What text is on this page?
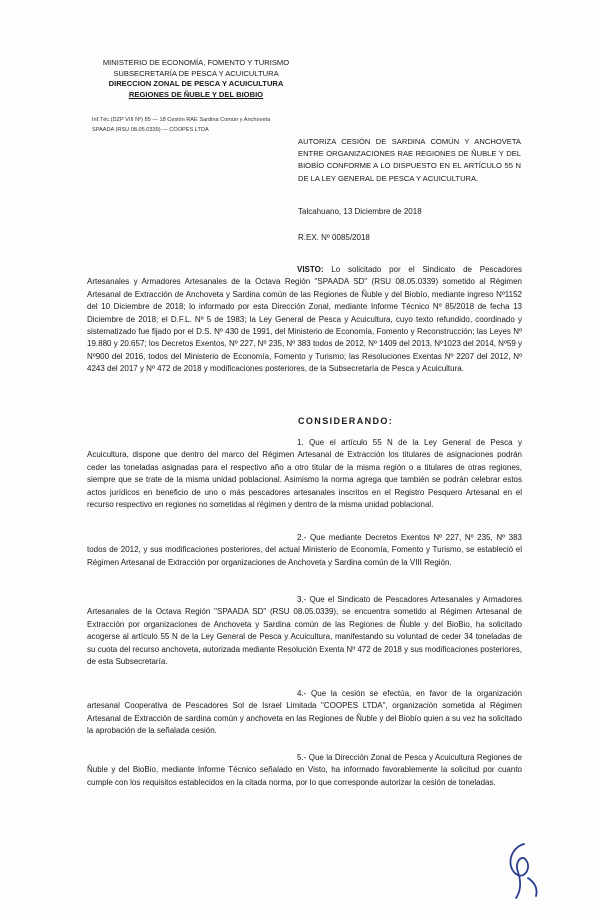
MINISTERIO DE ECONOMÍA, FOMENTO Y TURISMO
SUBSECRETARÍA DE PESCA Y ACUICULTURA
DIRECCION ZONAL DE PESCA Y ACUICULTURA
REGIONES DE ÑUBLE Y DEL BIOBIO
Inf.Téc.(DZP VIII Nº) 85 — 18 Cesión RAE Sardina Común y Anchoveta
SPAADA (RSU 08.05.0339) — COOPES LTDA
AUTORIZA CESIÓN DE SARDINA COMÚN Y ANCHOVETA ENTRE ORGANIZACIONES RAE REGIONES DE ÑUBLE Y DEL BIOBÍO CONFORME A LO DISPUESTO EN EL ARTÍCULO 55 N DE LA LEY GENERAL DE PESCA Y ACUICULTURA.
Talcahuano, 13 Diciembre de 2018
R.EX. Nº 0085/2018
VISTO: Lo solicitado por el Sindicato de Pescadores Artesanales y Armadores Artesanales de la Octava Región "SPAADA SD" (RSU 08.05.0339) sometido al Régimen Artesanal de Extracción de Anchoveta y Sardina común de las Regiones de Ñuble y del Biobío, mediante ingreso Nº1152 del 10 Diciembre de 2018; lo informado por esta Dirección Zonal, mediante Informe Técnico Nº 85/2018 de fecha 13 Diciembre de 2018; el D.F.L. Nº 5 de 1983; la Ley General de Pesca y Acuicultura, cuyo texto refundido, coordinado y sistematizado fue fijado por el D.S. Nº 430 de 1991, del Ministerio de Economía, Fomento y Reconstrucción; las Leyes Nº 19.880 y 20.657; los Decretos Exentos, Nº 227, Nº 235, Nº 383 todos de 2012, Nº 1409 del 2013, Nº1023 del 2014, Nº59 y Nº900 del 2016, todos del Ministerio de Economía, Fomento y Turismo; las Resoluciones Exentas Nº 2207 del 2012, Nº 4243 del 2017 y Nº 472 de 2018 y modificaciones posteriores, de la Subsecretaría de Pesca y Acuicultura.
CONSIDERANDO:
1. Que el artículo 55 N de la Ley General de Pesca y Acuicultura, dispone que dentro del marco del Régimen Artesanal de Extracción los titulares de asignaciones podrán ceder las toneladas asignadas para el respectivo año a otro titular de la misma región o a titulares de otras regiones, siempre que se trate de la misma unidad poblacional. Asimismo la norma agrega que también se podrán celebrar estos actos jurídicos en beneficio de uno o más pescadores artesanales inscritos en el Registro Pesquero Artesanal en el recurso respectivo en regiones no sometidas al régimen y dentro de la misma unidad poblacional.
2.- Que mediante Decretos Exentos Nº 227, Nº 235, Nº 383 todos de 2012, y sus modificaciones posteriores, del actual Ministerio de Economía, Fomento y Turismo, se estableció el Régimen Artesanal de Extracción por organizaciones de Anchoveta y Sardina común de la VIII Región.
3.- Que el Sindicato de Pescadores Artesanales y Armadores Artesanales de la Octava Región "SPAADA SD" (RSU 08.05.0339), se encuentra sometido al Régimen Artesanal de Extracción por organizaciones de Anchoveta y Sardina común de las Regiones de Ñuble y del BioBio, ha solicitado acogerse al artículo 55 N de la Ley General de Pesca y Acuicultura, manifestando su voluntad de ceder 34 toneladas de su cuota del recurso anchoveta, autorizada mediante Resolución Exenta Nº 472 de 2018 y sus modificaciones posteriores, de esta Subsecretaría.
4.- Que la cesión se efectúa, en favor de la organización artesanal Cooperativa de Pescadores Sol de Israel Limitada "COOPES LTDA", organización sometida al Régimen Artesanal de Extracción de sardina común y anchoveta en las Regiones de Ñuble y del Biobío quien a su vez ha solicitado la aprobación de la señalada cesión.
5.- Que la Dirección Zonal de Pesca y Acuicultura Regiones de Ñuble y del BioBio, mediante Informe Técnico señalado en Visto, ha informado favorablemente la solicitud por cuanto cumple con los requisitos establecidos en la citada norma, por lo que corresponde autorizar la cesión de toneladas.
